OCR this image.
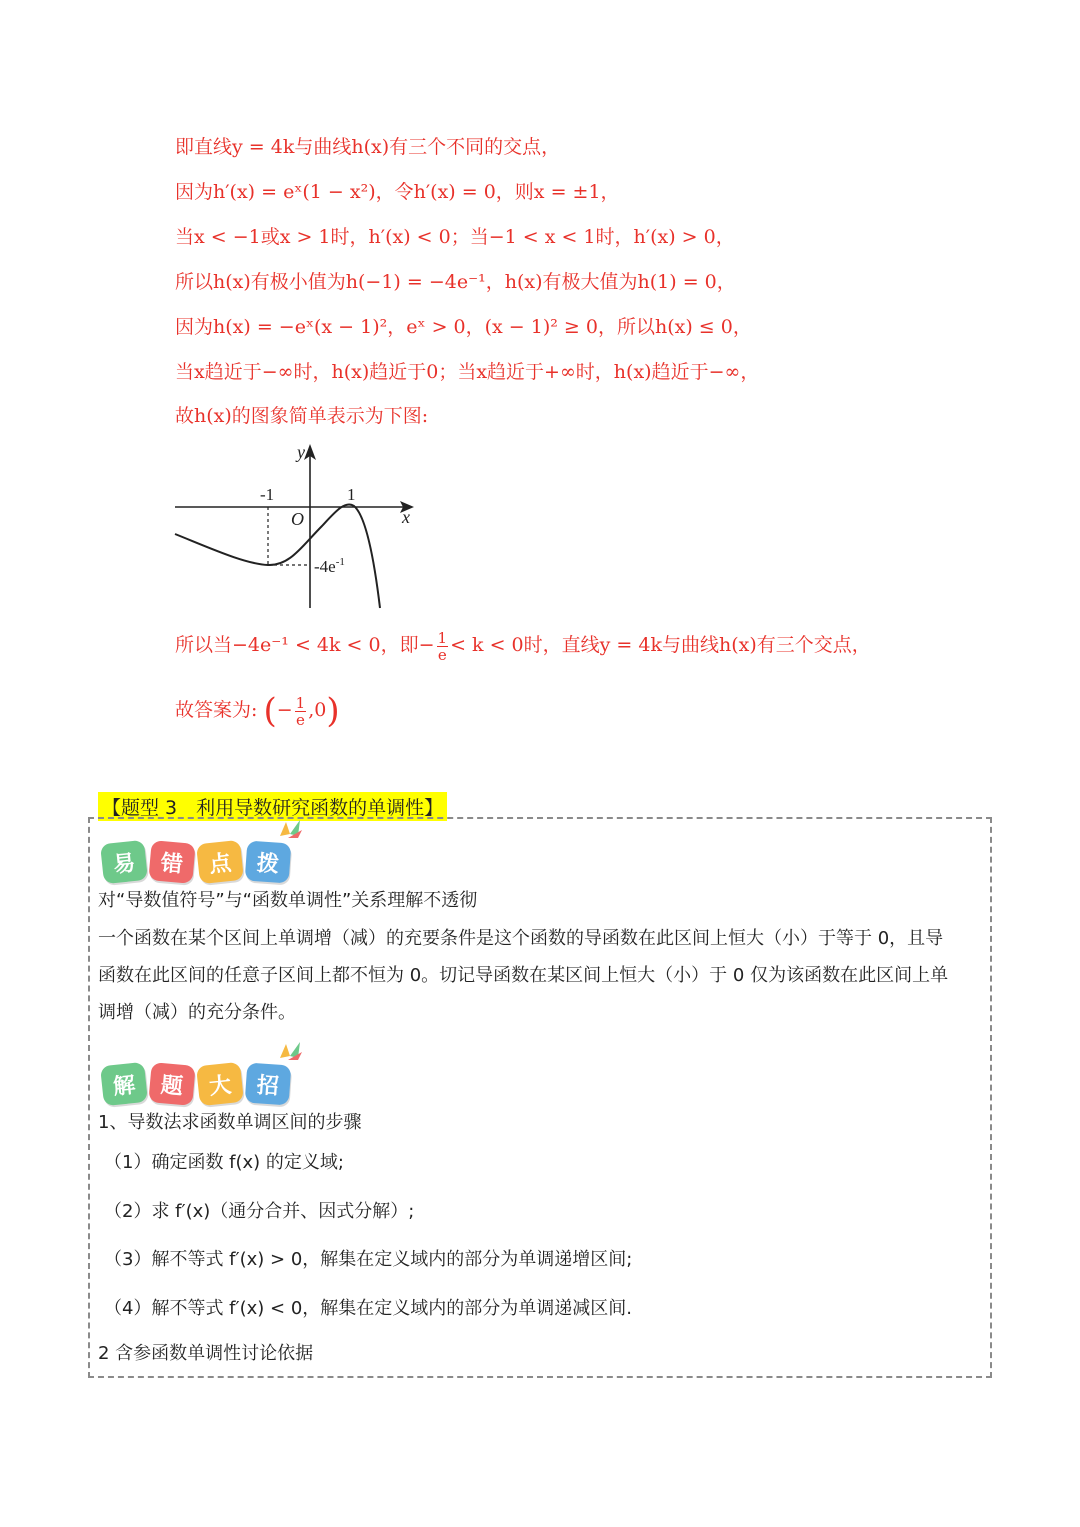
即直线y = 4k与曲线h(x)有三个不同的交点，
因为h′(x) = eˣ(1 − x²)，令h′(x) = 0，则x = ±1，
当x < −1或x > 1时，h′(x) < 0；当−1 < x < 1时，h′(x) > 0，
所以h(x)有极小值为h(−1) = −4e⁻¹，h(x)有极大值为h(1) = 0，
因为h(x) = −eˣ(x − 1)²，eˣ > 0，(x − 1)² ≥ 0，所以h(x) ≤ 0，
当x趋近于−∞时，h(x)趋近于0；当x趋近于+∞时，h(x)趋近于−∞，
故h(x)的图象简单表示为下图:
y
x
O
-1	1
$-4e^{-1}$
所以当−4e⁻¹ < 4k < 0，即− $\frac{1}{e} < k < 0$时，直线y = 4k与曲线h(x)有三个交点，
故答案为: (− $\frac{1}{e} ,0$)
【题型 3　利用导数研究函数的单调性】
易	错	点	拨
对“导数值符号”与“函数单调性”关系理解不透彻
一个函数在某个区间上单调增（减）的充要条件是这个函数的导函数在此区间上恒大（小）于等于 0，且导
函数在此区间的任意子区间上都不恒为 0。切记导函数在某区间上恒大（小）于 0 仅为该函数在此区间上单
调增（减）的充分条件。
解	题	大	招
1、导数法求函数单调区间的步骤
（1）确定函数 f(x) 的定义域;
（2）求 f′(x)（通分合并、因式分解）;
（3）解不等式 f′(x) > 0，解集在定义域内的部分为单调递增区间;
（4）解不等式 f′(x) < 0，解集在定义域内的部分为单调递减区间.
2 含参函数单调性讨论依据
